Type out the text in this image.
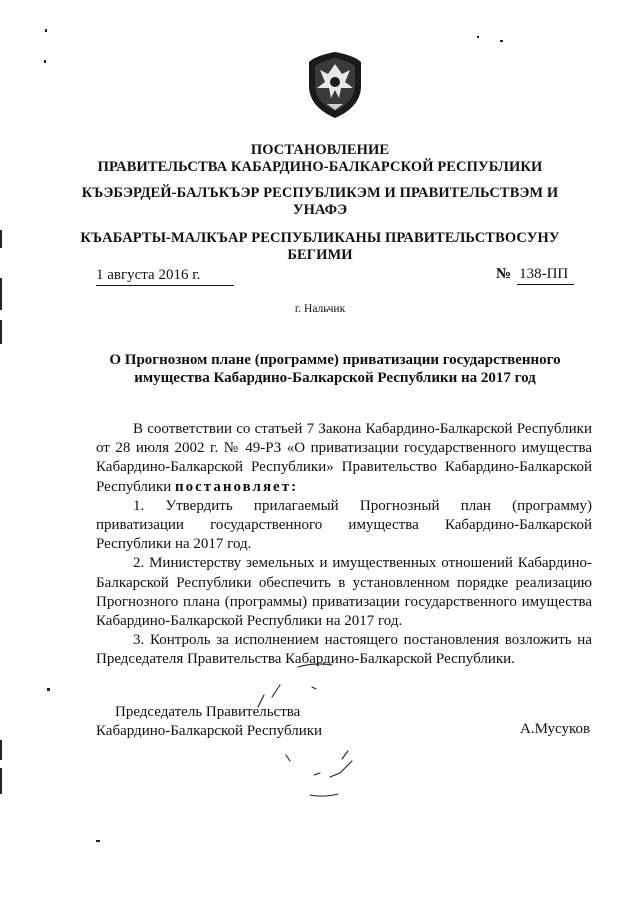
ПОСТАНОВЛЕНИЕ
ПРАВИТЕЛЬСТВА КАБАРДИНО-БАЛКАРСКОЙ РЕСПУБЛИКИ
КЪЭБЭРДЕЙ-БАЛЪКЪЭР РЕСПУБЛИКЭМ И ПРАВИТЕЛЬСТВЭМ И
УНАФЭ
КЪАБАРТЫ-МАЛКЪАР РЕСПУБЛИКАНЫ ПРАВИТЕЛЬСТВОСУНУ
БЕГИМИ
1 августа 2016 г.	№ 138-ПП
г. Нальчик
О Прогнозном плане (программе) приватизации государственного
имущества Кабардино-Балкарской Республики на 2017 год

В соответствии со статьей 7 Закона Кабардино-Балкарской Республики от 28 июля 2002 г. № 49-РЗ «О приватизации государственного имущества Кабардино-Балкарской Республики» Правительство Кабардино-Балкарской Республики постановляет:

1. Утвердить прилагаемый Прогнозный план (программу) приватизации государственного имущества Кабардино-Балкарской Республики на 2017 год.

2. Министерству земельных и имущественных отношений Кабардино-Балкарской Республики обеспечить в установленном порядке реализацию Прогнозного плана (программы) приватизации государственного имущества Кабардино-Балкарской Республики на 2017 год.

3. Контроль за исполнением настоящего постановления возложить на Председателя Правительства Кабардино-Балкарской Республики.

Председатель Правительства
Кабардино-Балкарской Республики	А.Мусуков
